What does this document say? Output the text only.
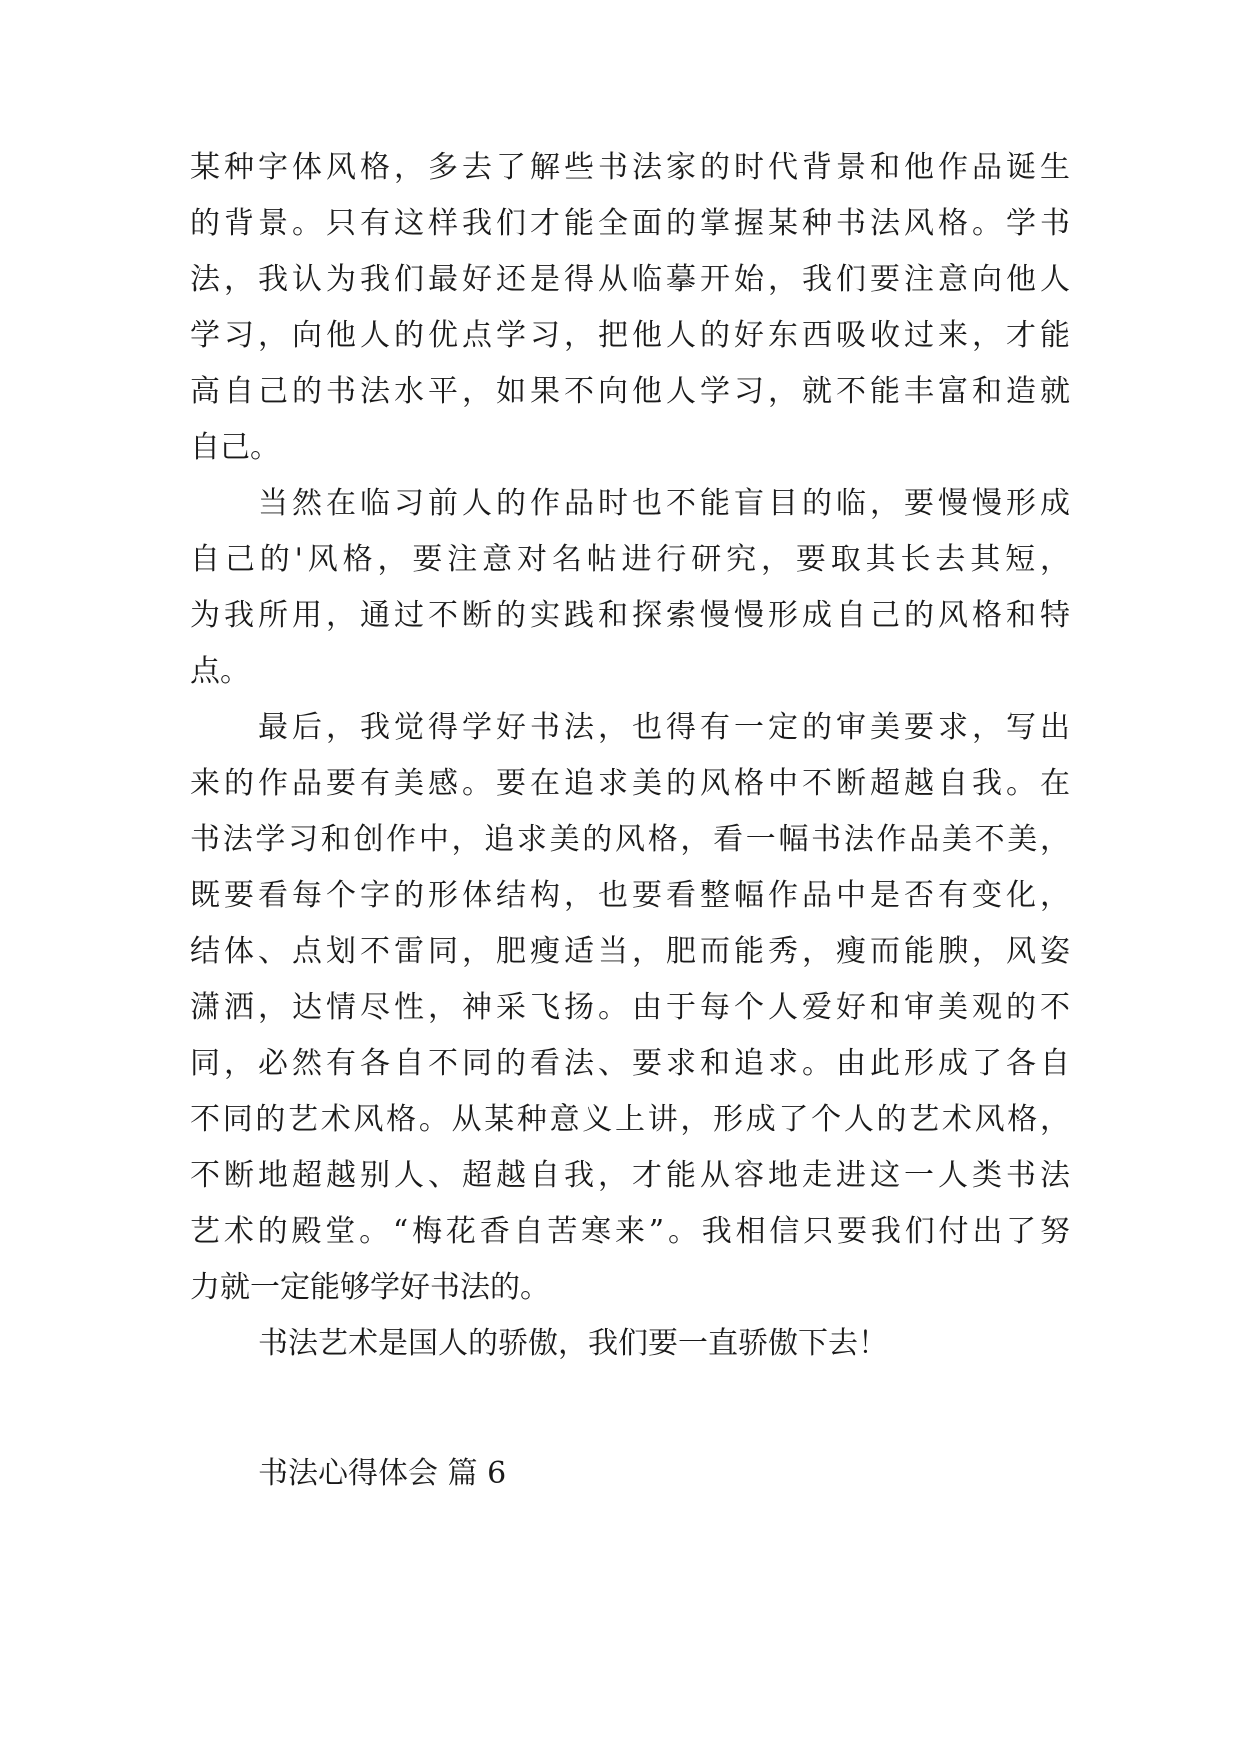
某种字体风格，多去了解些书法家的时代背景和他作品诞生
的背景。只有这样我们才能全面的掌握某种书法风格。学书
法，我认为我们最好还是得从临摹开始，我们要注意向他人
学习，向他人的优点学习，把他人的好东西吸收过来，才能
高自己的书法水平，如果不向他人学习，就不能丰富和造就
自己。
当然在临习前人的作品时也不能盲目的临，要慢慢形成
自己的'风格，要注意对名帖进行研究，要取其长去其短，
为我所用，通过不断的实践和探索慢慢形成自己的风格和特
点。
最后，我觉得学好书法，也得有一定的审美要求，写出
来的作品要有美感。要在追求美的风格中不断超越自我。在
书法学习和创作中，追求美的风格，看一幅书法作品美不美，
既要看每个字的形体结构，也要看整幅作品中是否有变化，
结体、点划不雷同，肥瘦适当，肥而能秀，瘦而能腴，风姿
潇洒，达情尽性，神采飞扬。由于每个人爱好和审美观的不
同，必然有各自不同的看法、要求和追求。由此形成了各自
不同的艺术风格。从某种意义上讲，形成了个人的艺术风格，
不断地超越别人、超越自我，才能从容地走进这一人类书法
艺术的殿堂。“梅花香自苦寒来”。我相信只要我们付出了努
力就一定能够学好书法的。
书法艺术是国人的骄傲，我们要一直骄傲下去！
书法心得体会 篇 6
